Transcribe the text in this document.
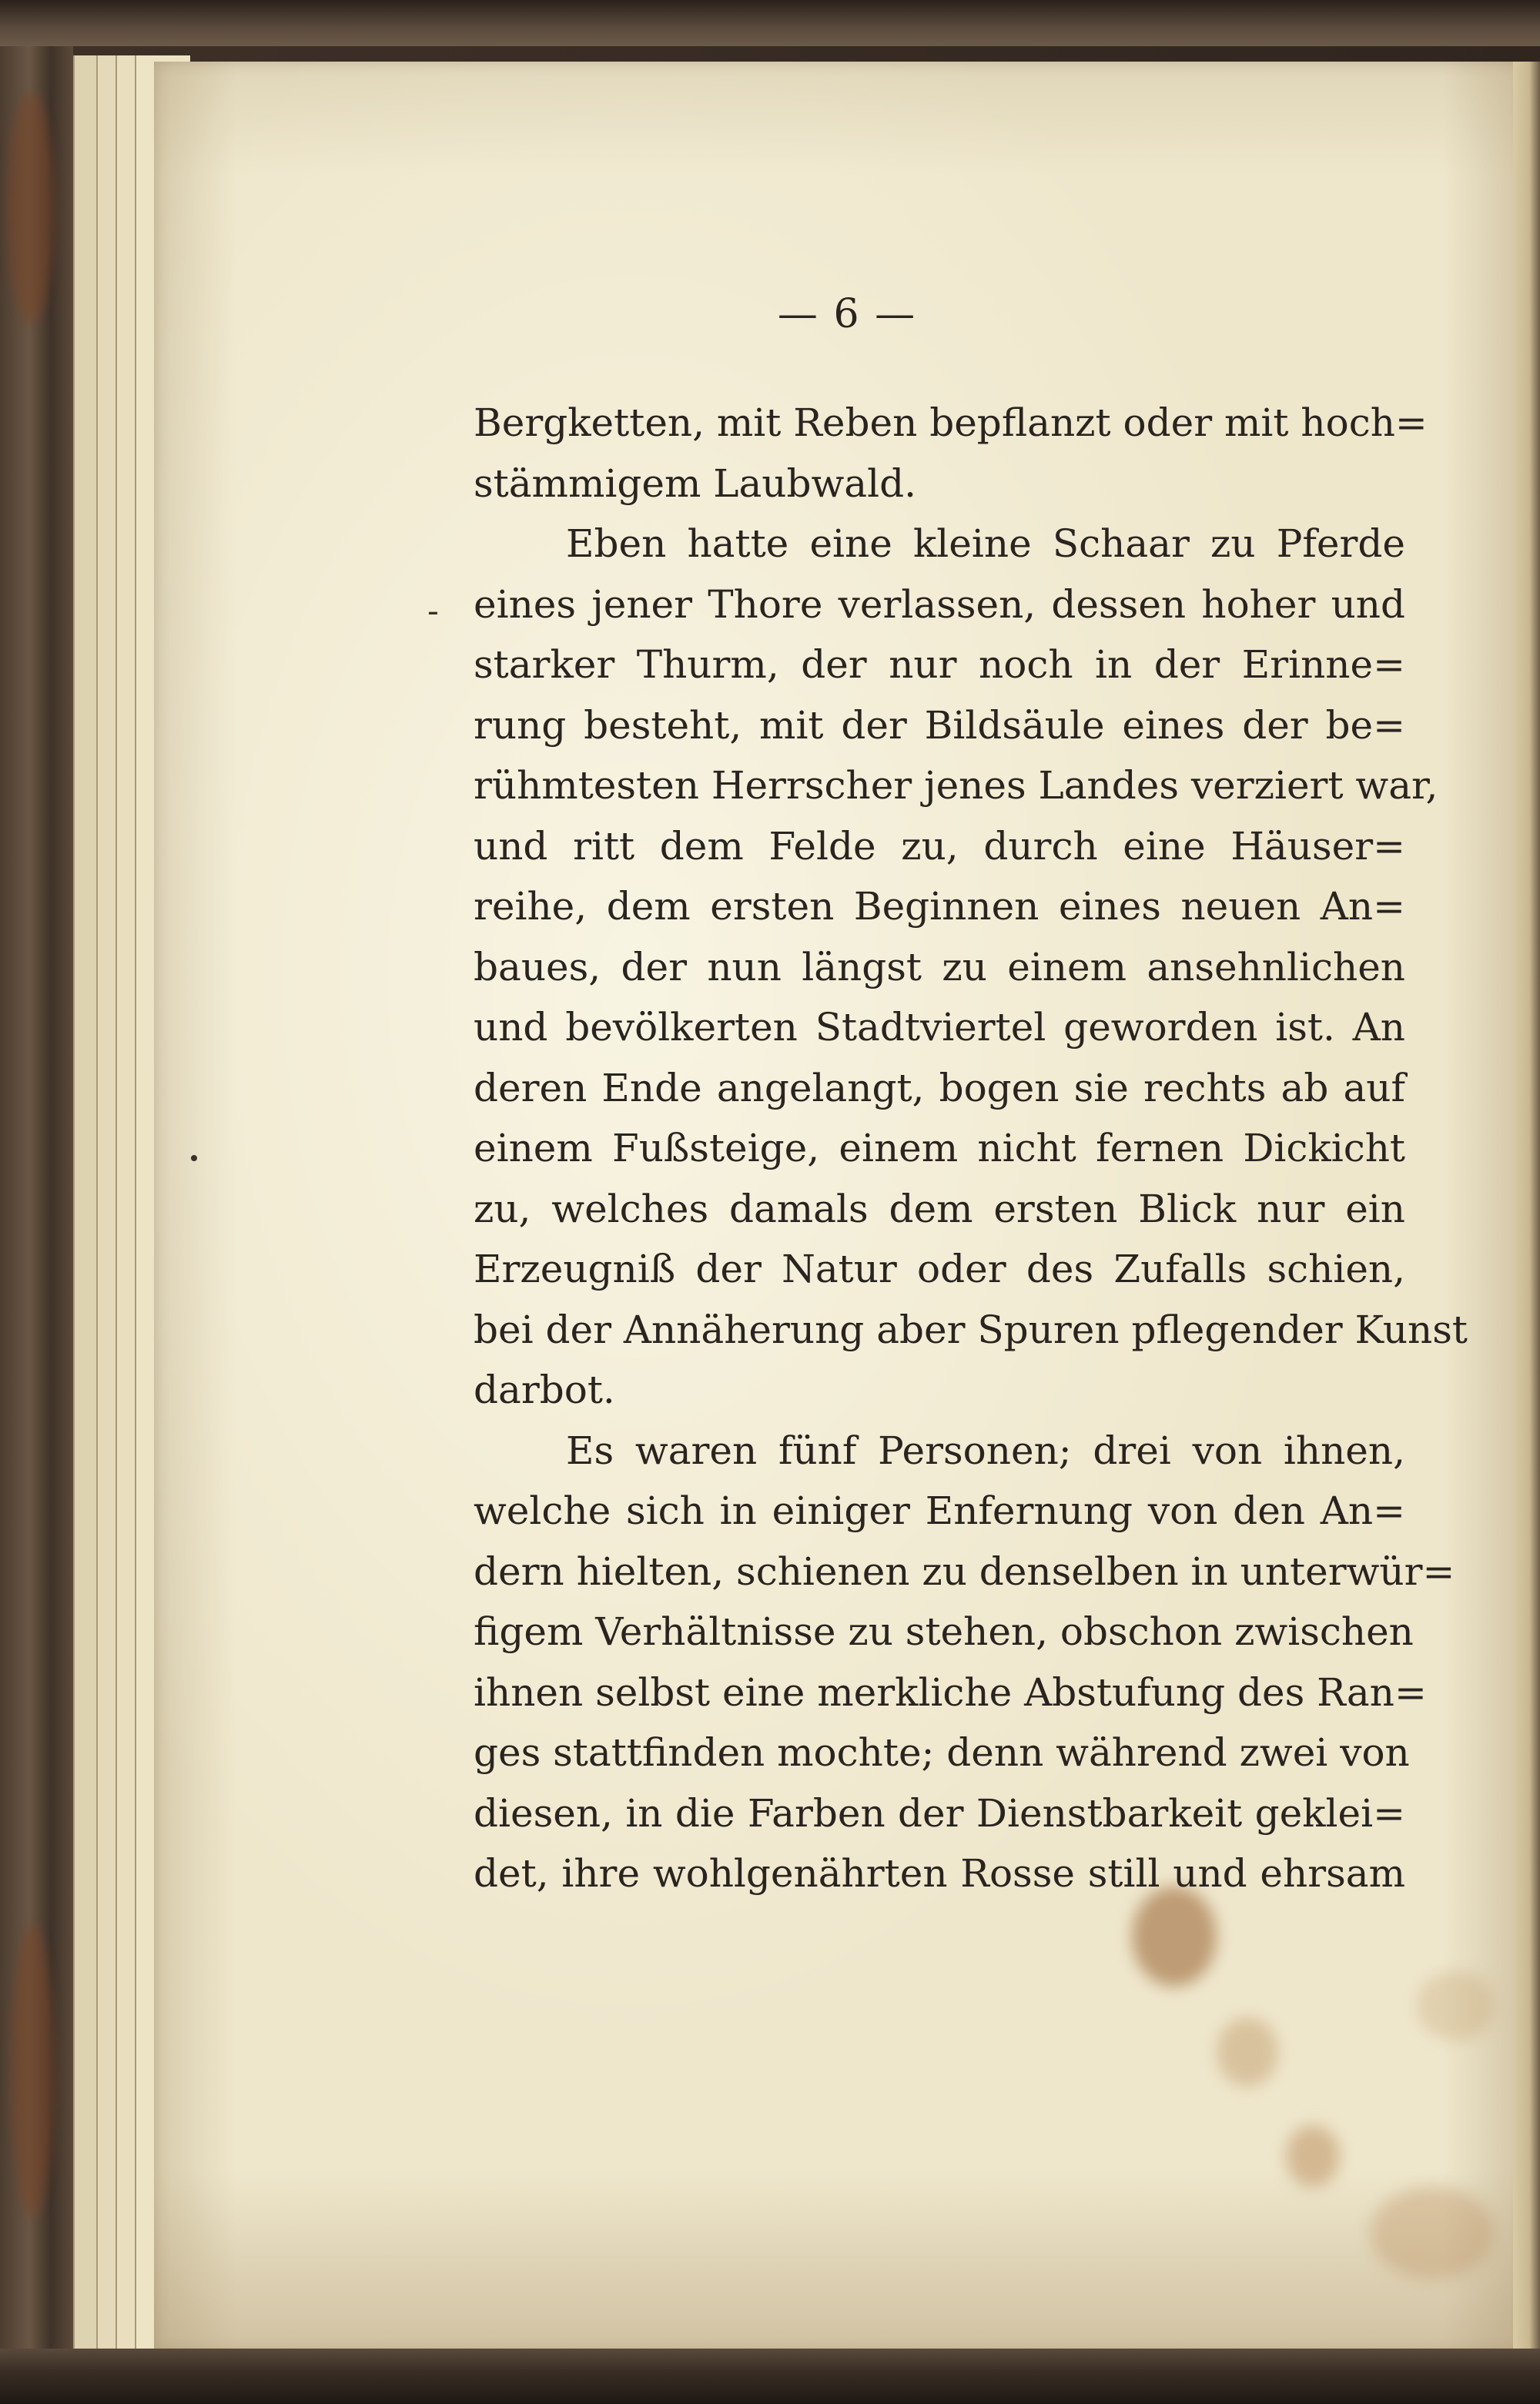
— 6 —

-
Bergketten, mit Reben bepflanzt oder mit hoch=
stämmigem Laubwald.
Eben hatte eine kleine Schaar zu Pferde
eines jener Thore verlassen, dessen hoher und
starker Thurm, der nur noch in der Erinne=
rung besteht, mit der Bildsäule eines der be=
rühmtesten Herrscher jenes Landes verziert war,
und ritt dem Felde zu, durch eine Häuser=
reihe, dem ersten Beginnen eines neuen An=
baues, der nun längst zu einem ansehnlichen
und bevölkerten Stadtviertel geworden ist. An
deren Ende angelangt, bogen sie rechts ab auf
einem Fußsteige, einem nicht fernen Dickicht
zu, welches damals dem ersten Blick nur ein
Erzeugniß der Natur oder des Zufalls schien,
bei der Annäherung aber Spuren pflegender Kunst
darbot.
Es waren fünf Personen; drei von ihnen,
welche sich in einiger Enfernung von den An=
dern hielten, schienen zu denselben in unterwür=
figem Verhältnisse zu stehen, obschon zwischen
ihnen selbst eine merkliche Abstufung des Ran=
ges stattfinden mochte; denn während zwei von
diesen, in die Farben der Dienstbarkeit geklei=
det, ihre wohlgenährten Rosse still und ehrsam
